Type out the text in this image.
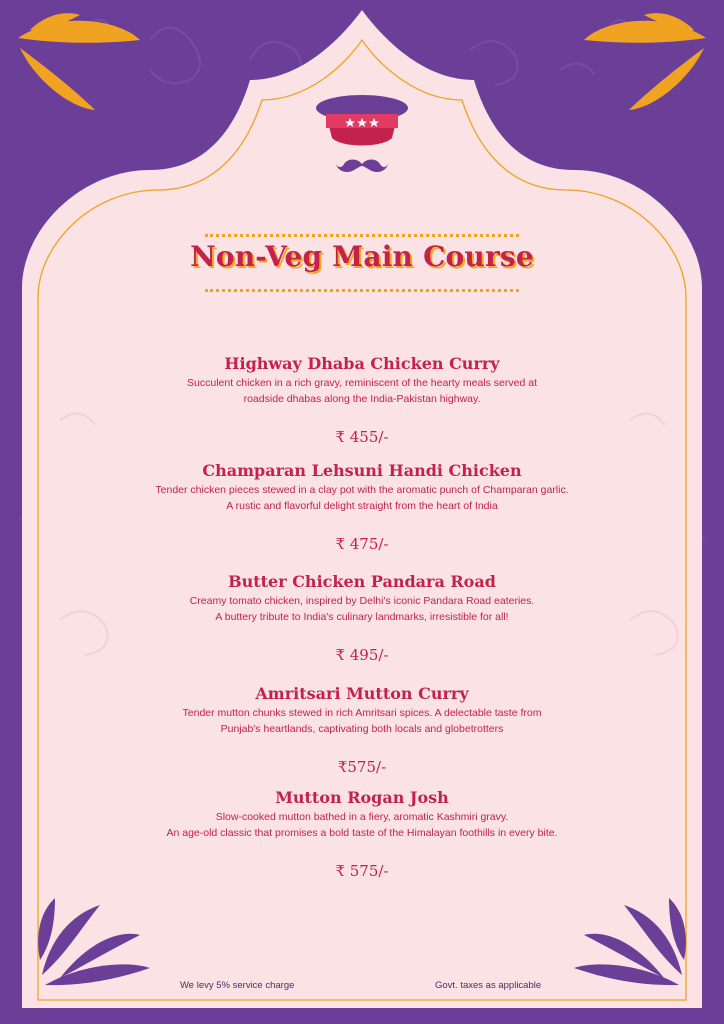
Non-Veg Main Course
Highway Dhaba Chicken Curry
Succulent chicken in a rich gravy, reminiscent of the hearty meals served at
roadside dhabas along the India-Pakistan highway.
₹ 455/-
Champaran Lehsuni Handi Chicken
Tender chicken pieces stewed in a clay pot with the aromatic punch of Champaran garlic.
A rustic and flavorful delight straight from the heart of India
₹ 475/-
Butter Chicken Pandara Road
Creamy tomato chicken, inspired by Delhi's iconic Pandara Road eateries.
A buttery tribute to India's culinary landmarks, irresistible for all!
₹ 495/-
Amritsari Mutton Curry
Tender mutton chunks stewed in rich Amritsari spices. A delectable taste from
Punjab's heartlands, captivating both locals and globetrotters
₹575/-
Mutton Rogan Josh
Slow-cooked mutton bathed in a fiery, aromatic Kashmiri gravy.
An age-old classic that promises a bold taste of the Himalayan foothills in every bite.
₹ 575/-
We levy 5% service charge	Govt. taxes as applicable
